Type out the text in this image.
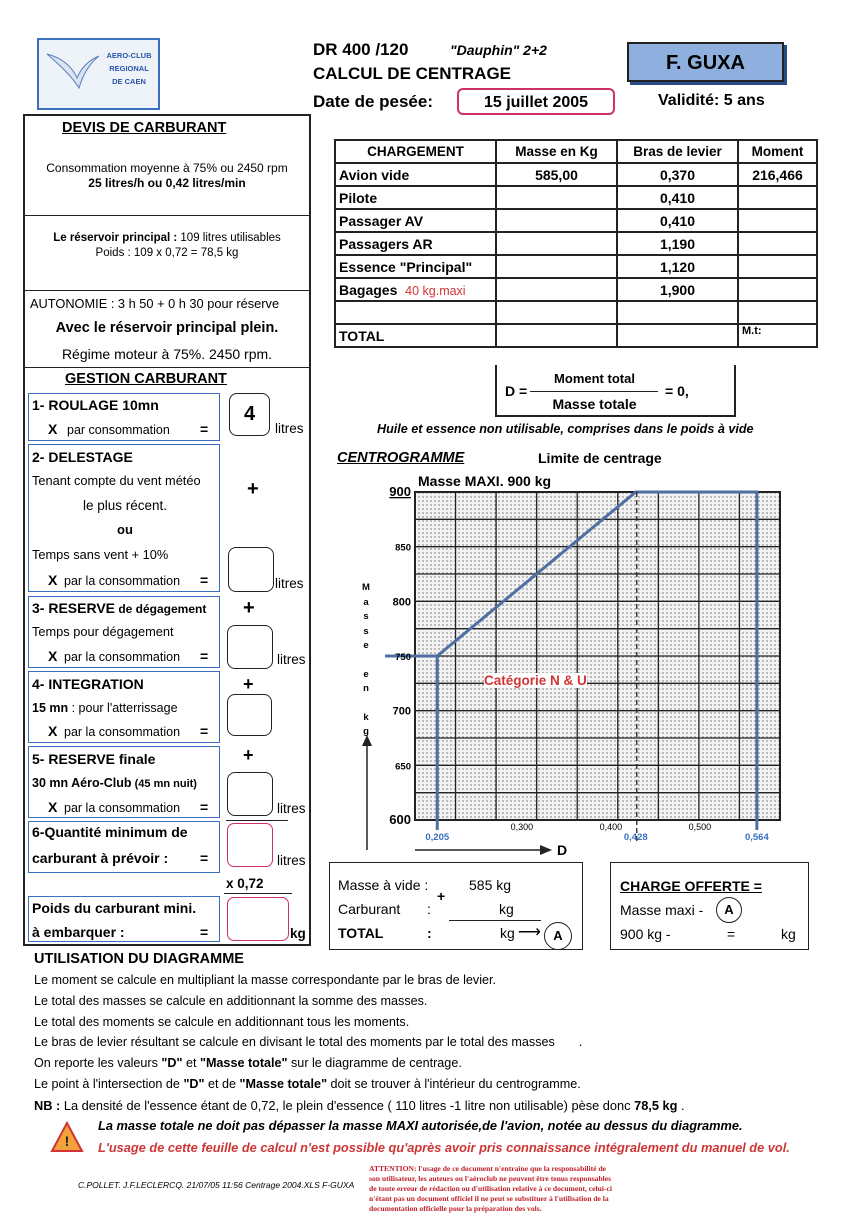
AERO-CLUB
REGIONAL
DE CAEN
DR 400 /120	"Dauphin" 2+2
CALCUL DE CENTRAGE
Date de pesée:	15 juillet 2005	Validité: 5 ans
F. GUXA
DEVIS DE CARBURANT
Consommation moyenne à 75% ou 2450 rpm
25 litres/h ou 0,42 litres/min
Le réservoir principal : 109 litres utilisables
Poids : 109 x 0,72 = 78,5 kg
AUTONOMIE : 3 h 50 + 0 h 30 pour réserve
Avec le réservoir principal plein.
Régime moteur à 75%. 2450 rpm.
GESTION CARBURANT
1- ROULAGE 10mn
X par consommation =
4
litres
2- DELESTAGE
Tenant compte du vent météo
le plus récent.
ou
Temps sans vent + 10%
X par la consommation =
+
litres
3- RESERVE de dégagement
Temps pour dégagement
X par la consommation =
+
litres
4- INTEGRATION
15 mn : pour l'atterrissage
X par la consommation =
+
5- RESERVE finale
30 mn Aéro-Club (45 mn nuit)
X par la consommation =
+
litres
6-Quantité minimum de
carburant à prévoir : =	litres
x 0,72
Poids du carburant mini.
à embarquer :	=	kg
CHARGEMENT	Masse en Kg	Bras de levier	Moment
Avion vide	585,00	0,370	216,466
Pilote		0,410	
Passager AV		0,410	
Passagers AR		1,190	
Essence "Principal"		1,120	
Bagages 40 kg.maxi		1,900	

TOTAL			M.t:
D =
Moment total
Masse totale
= 0,
Huile et essence non utilisable, comprises dans le poids à vide
CENTROGRAMME	Limite de centrage
Masse MAXI. 900 kg
900
850
800
750
700
650
600	0,300	0,400	0,500
0,205	0,428	0,564
M
a
s
s
e
e
n
k
g
Catégorie N & U
D
Masse à vide :	585 kg
Carburant :
+
kg
TOTAL	:	kg ⟶ A
CHARGE OFFERTE =
Masse maxi -	A
900 kg -	=	kg
UTILISATION DU DIAGRAMME
Le moment se calcule en multipliant la masse correspondante par le bras de levier.
Le total des masses se calcule en additionnant la somme des masses.
Le total des moments se calcule en additionnant tous les moments.
Le bras de levier résultant se calcule en divisant le total des moments par le total des masses .
On reporte les valeurs "D" et "Masse totale" sur le diagramme de centrage.
Le point à l'intersection de "D" et de "Masse totale" doit se trouver à l'intérieur du centrogramme.
NB : La densité de l'essence étant de 0,72, le plein d'essence ( 110 litres -1 litre non utilisable) pèse donc 78,5 kg .
!
La masse totale ne doit pas dépasser la masse MAXI autorisée,de l'avion, notée au dessus du diagramme.
L'usage de cette feuille de calcul n'est possible qu'après avoir pris connaissance intégralement du manuel de vol.
C.POLLET. J.F.LECLERCQ. 21/07/05 11:56 Centrage 2004.XLS F-GUXA
ATTENTION: l'usage de ce document n'entraîne que la responsabilité de
son utilisateur, les auteurs ou l'aéroclub ne peuvent être tenus responsables
de toute erreur de rédaction ou d'utilisation relative à ce document, celui-ci
n'étant pas un document officiel il ne peut se substituer à l'utilisation de la
documentation officielle pour la préparation des vols.
